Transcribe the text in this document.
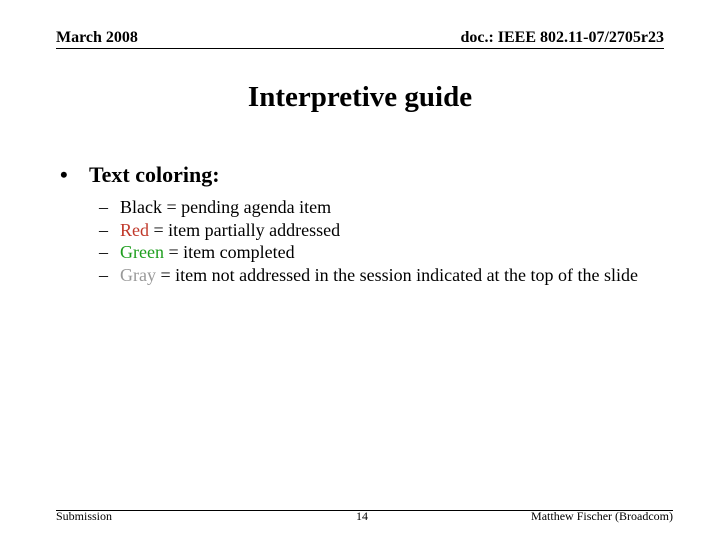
March 2008	doc.: IEEE 802.11-07/2705r23
Interpretive guide
• Text coloring:
– Black = pending agenda item
– Red = item partially addressed
– Green = item completed
– Gray = item not addressed in the session indicated at the top of the slide
Submission	14	Matthew Fischer (Broadcom)
